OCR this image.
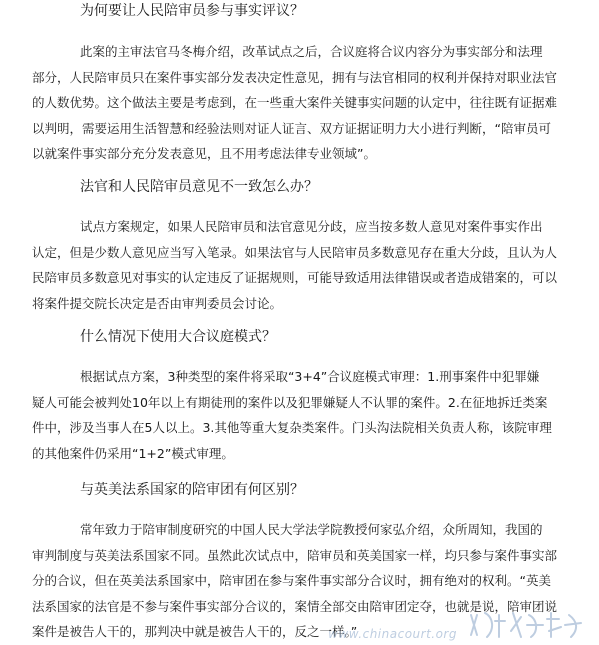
为何要让人民陪审员参与事实评议？
此案的主审法官马冬梅介绍，改革试点之后，合议庭将合议内容分为事实部分和法理
部分，人民陪审员只在案件事实部分发表决定性意见，拥有与法官相同的权利并保持对职业法官
的人数优势。这个做法主要是考虑到，在一些重大案件关键事实问题的认定中，往往既有证据难
以判明，需要运用生活智慧和经验法则对证人证言、双方证据证明力大小进行判断，“陪审员可
以就案件事实部分充分发表意见，且不用考虑法律专业领域”。
法官和人民陪审员意见不一致怎么办？
试点方案规定，如果人民陪审员和法官意见分歧，应当按多数人意见对案件事实作出
认定，但是少数人意见应当写入笔录。如果法官与人民陪审员多数意见存在重大分歧，且认为人
民陪审员多数意见对事实的认定违反了证据规则，可能导致适用法律错误或者造成错案的，可以
将案件提交院长决定是否由审判委员会讨论。
什么情况下使用大合议庭模式？
根据试点方案，3种类型的案件将采取“3+4”合议庭模式审理：1.刑事案件中犯罪嫌
疑人可能会被判处10年以上有期徒刑的案件以及犯罪嫌疑人不认罪的案件。2.在征地拆迁类案
件中，涉及当事人在5人以上。3.其他等重大复杂类案件。门头沟法院相关负责人称，该院审理
的其他案件仍采用“1+2”模式审理。
与英美法系国家的陪审团有何区别？
常年致力于陪审制度研究的中国人民大学法学院教授何家弘介绍，众所周知，我国的
审判制度与英美法系国家不同。虽然此次试点中，陪审员和英美国家一样，均只参与案件事实部
分的合议，但在英美法系国家中，陪审团在参与案件事实部分合议时，拥有绝对的权利。“英美
法系国家的法官是不参与案件事实部分合议的，案情全部交由陪审团定夺，也就是说，陪审团说
案件是被告人干的，那判决中就是被告人干的，反之一样。”
www.chinacourt.org
